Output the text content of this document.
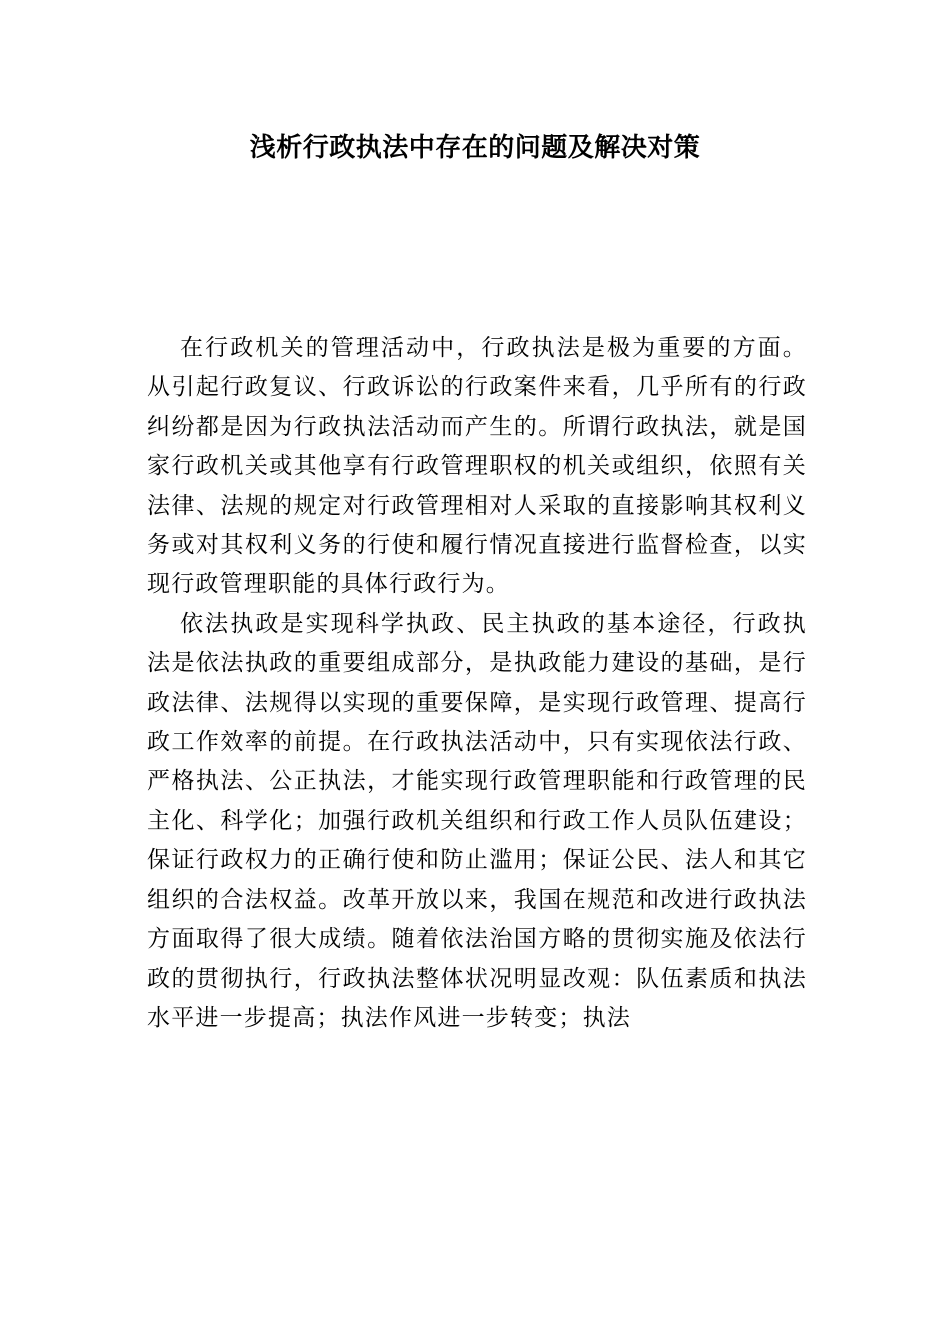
浅析行政执法中存在的问题及解决对策

在行政机关的管理活动中，行政执法是极为重要的方面。从引起行政复议、行政诉讼的行政案件来看，几乎所有的行政纠纷都是因为行政执法活动而产生的。所谓行政执法，就是国家行政机关或其他享有行政管理职权的机关或组织，依照有关法律、法规的规定对行政管理相对人采取的直接影响其权利义务或对其权利义务的行使和履行情况直接进行监督检查，以实现行政管理职能的具体行政行为。

依法执政是实现科学执政、民主执政的基本途径，行政执法是依法执政的重要组成部分，是执政能力建设的基础，是行政法律、法规得以实现的重要保障，是实现行政管理、提高行政工作效率的前提。在行政执法活动中，只有实现依法行政、严格执法、公正执法，才能实现行政管理职能和行政管理的民主化、科学化；加强行政机关组织和行政工作人员队伍建设；保证行政权力的正确行使和防止滥用；保证公民、法人和其它组织的合法权益。改革开放以来，我国在规范和改进行政执法方面取得了很大成绩。随着依法治国方略的贯彻实施及依法行政的贯彻执行，行政执法整体状况明显改观：队伍素质和执法水平进一步提高；执法作风进一步转变；执法
